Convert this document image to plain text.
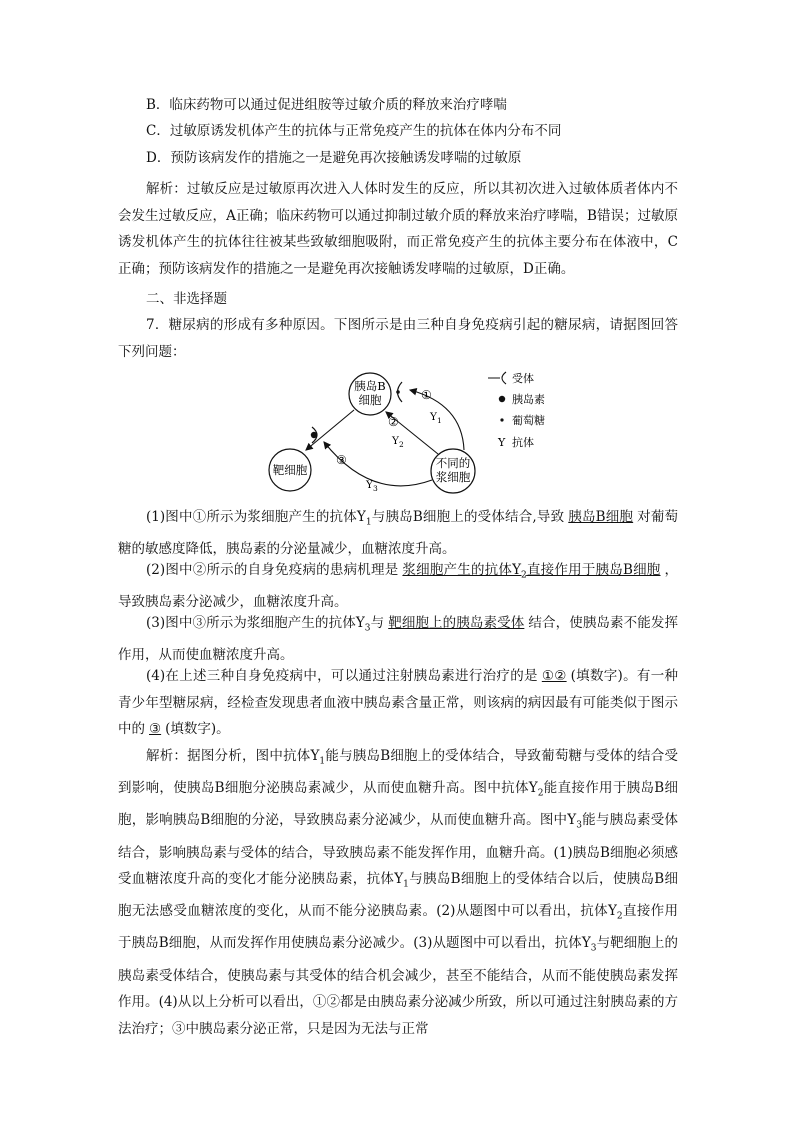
B．临床药物可以通过促进组胺等过敏介质的释放来治疗哮喘

C．过敏原诱发机体产生的抗体与正常免疫产生的抗体在体内分布不同

D．预防该病发作的措施之一是避免再次接触诱发哮喘的过敏原

解析：过敏反应是过敏原再次进入人体时发生的反应，所以其初次进入过敏体质者体内不会发生过敏反应，A正确；临床药物可以通过抑制过敏介质的释放来治疗哮喘，B错误；过敏原诱发机体产生的抗体往往被某些致敏细胞吸附，而正常免疫产生的抗体主要分布在体液中，C正确；预防该病发作的措施之一是避免再次接触诱发哮喘的过敏原，D正确。

二、非选择题

7．糖尿病的形成有多种原因。下图所示是由三种自身免疫病引起的糖尿病，请据图回答下列问题：

胰岛B
细胞
靶细胞	不同的
浆细胞
①
Y 1
②
Y 2
③
Y 3
受体
胰岛素
葡萄糖
Y 抗体

(1)图中①所示为浆细胞产生的抗体$Y_1$与胰岛B细胞上的受体结合,导致 胰岛B细胞 对葡萄糖的敏感度降低，胰岛素的分泌量减少，血糖浓度升高。

(2)图中②所示的自身免疫病的患病机理是 浆细胞产生的抗体$Y_2$直接作用于胰岛B细胞 ，导致胰岛素分泌减少，血糖浓度升高。

(3)图中③所示为浆细胞产生的抗体$Y_3$与 靶细胞上的胰岛素受体 结合，使胰岛素不能发挥作用，从而使血糖浓度升高。

(4)在上述三种自身免疫病中，可以通过注射胰岛素进行治疗的是 ①② (填数字)。有一种青少年型糖尿病，经检查发现患者血液中胰岛素含量正常，则该病的病因最有可能类似于图示中的 ③ (填数字)。

解析：据图分析，图中抗体$Y_1$能与胰岛B细胞上的受体结合，导致葡萄糖与受体的结合受到影响，使胰岛B细胞分泌胰岛素减少，从而使血糖升高。图中抗体$Y_2$能直接作用于胰岛B细胞，影响胰岛B细胞的分泌，导致胰岛素分泌减少，从而使血糖升高。图中$Y_3$能与胰岛素受体结合，影响胰岛素与受体的结合，导致胰岛素不能发挥作用，血糖升高。(1)胰岛B细胞必须感受血糖浓度升高的变化才能分泌胰岛素，抗体$Y_1$与胰岛B细胞上的受体结合以后，使胰岛B细胞无法感受血糖浓度的变化，从而不能分泌胰岛素。(2)从题图中可以看出，抗体$Y_2$直接作用于胰岛B细胞，从而发挥作用使胰岛素分泌减少。(3)从题图中可以看出，抗体$Y_3$与靶细胞上的胰岛素受体结合，使胰岛素与其受体的结合机会减少，甚至不能结合，从而不能使胰岛素发挥作用。(4)从以上分析可以看出，①②都是由胰岛素分泌减少所致，所以可通过注射胰岛素的方法治疗；③中胰岛素分泌正常，只是因为无法与正常
